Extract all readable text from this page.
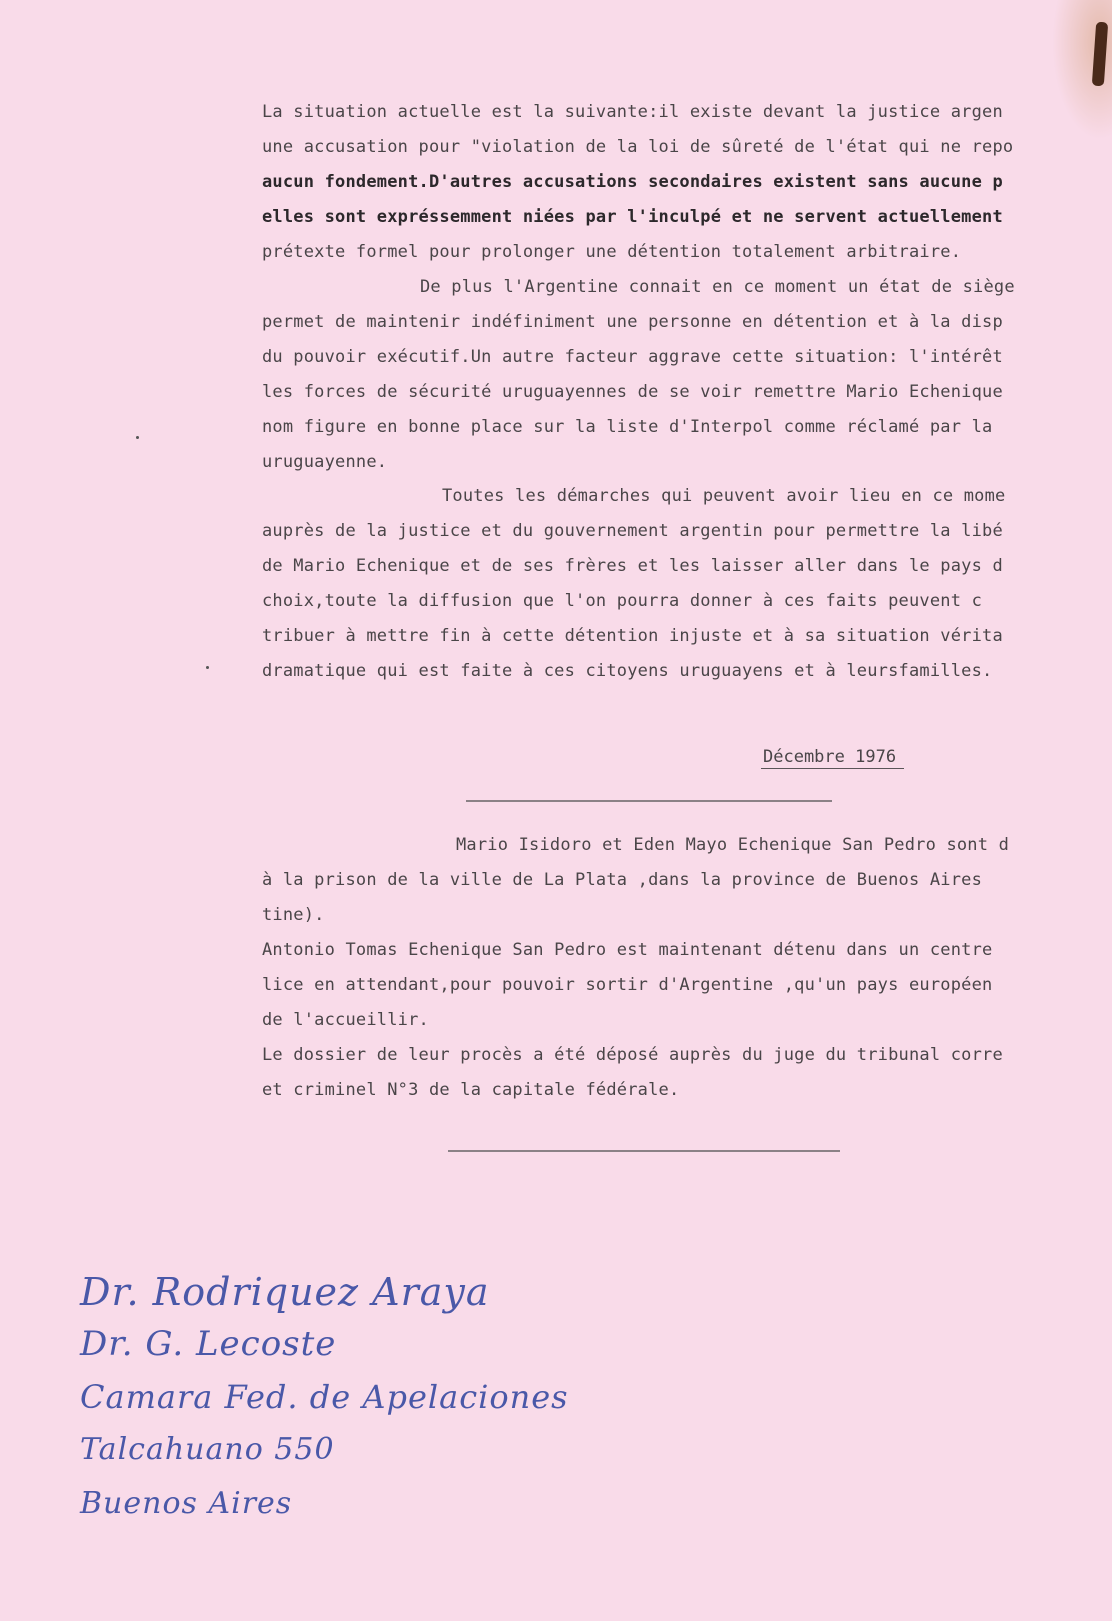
La situation actuelle est la suivante:il existe devant la justice argen
une accusation pour "violation de la loi de sûreté de l'état qui ne repo
aucun fondement.D'autres accusations secondaires existent sans aucune p
elles sont expréssemment niées par l'inculpé et ne servent actuellement
prétexte formel pour prolonger une détention totalement arbitraire.
De plus l'Argentine connait en ce moment un état de siège
permet de maintenir indéfiniment une personne en détention et à la disp
du pouvoir exécutif.Un autre facteur aggrave cette situation: l'intérêt
les forces de sécurité uruguayennes de se voir remettre Mario Echenique
nom figure en bonne place sur la liste d'Interpol comme réclamé par la
uruguayenne.
Toutes les démarches qui peuvent avoir lieu en ce mome
auprès de la justice et du gouvernement argentin pour permettre la libé
de Mario Echenique et de ses frères et les laisser aller dans le pays d
choix,toute la diffusion que l'on pourra donner à ces faits peuvent c
tribuer à mettre fin à cette détention injuste et à sa situation vérita
dramatique qui est faite à ces citoyens uruguayens et à leursfamilles.
Décembre 1976
Mario Isidoro et Eden Mayo Echenique San Pedro sont d
à la prison de la ville de La Plata ,dans la province de Buenos Aires
tine).
Antonio Tomas Echenique San Pedro est maintenant détenu dans un centre
lice en attendant,pour pouvoir sortir d'Argentine ,qu'un pays européen
de l'accueillir.
Le dossier de leur procès a été déposé auprès du juge du tribunal corre
et criminel N°3 de la capitale fédérale.
Dr. Rodriquez Araya
Dr. G. Lecoste
Camara Fed. de Apelaciones
Talcahuano 550
Buenos Aires
